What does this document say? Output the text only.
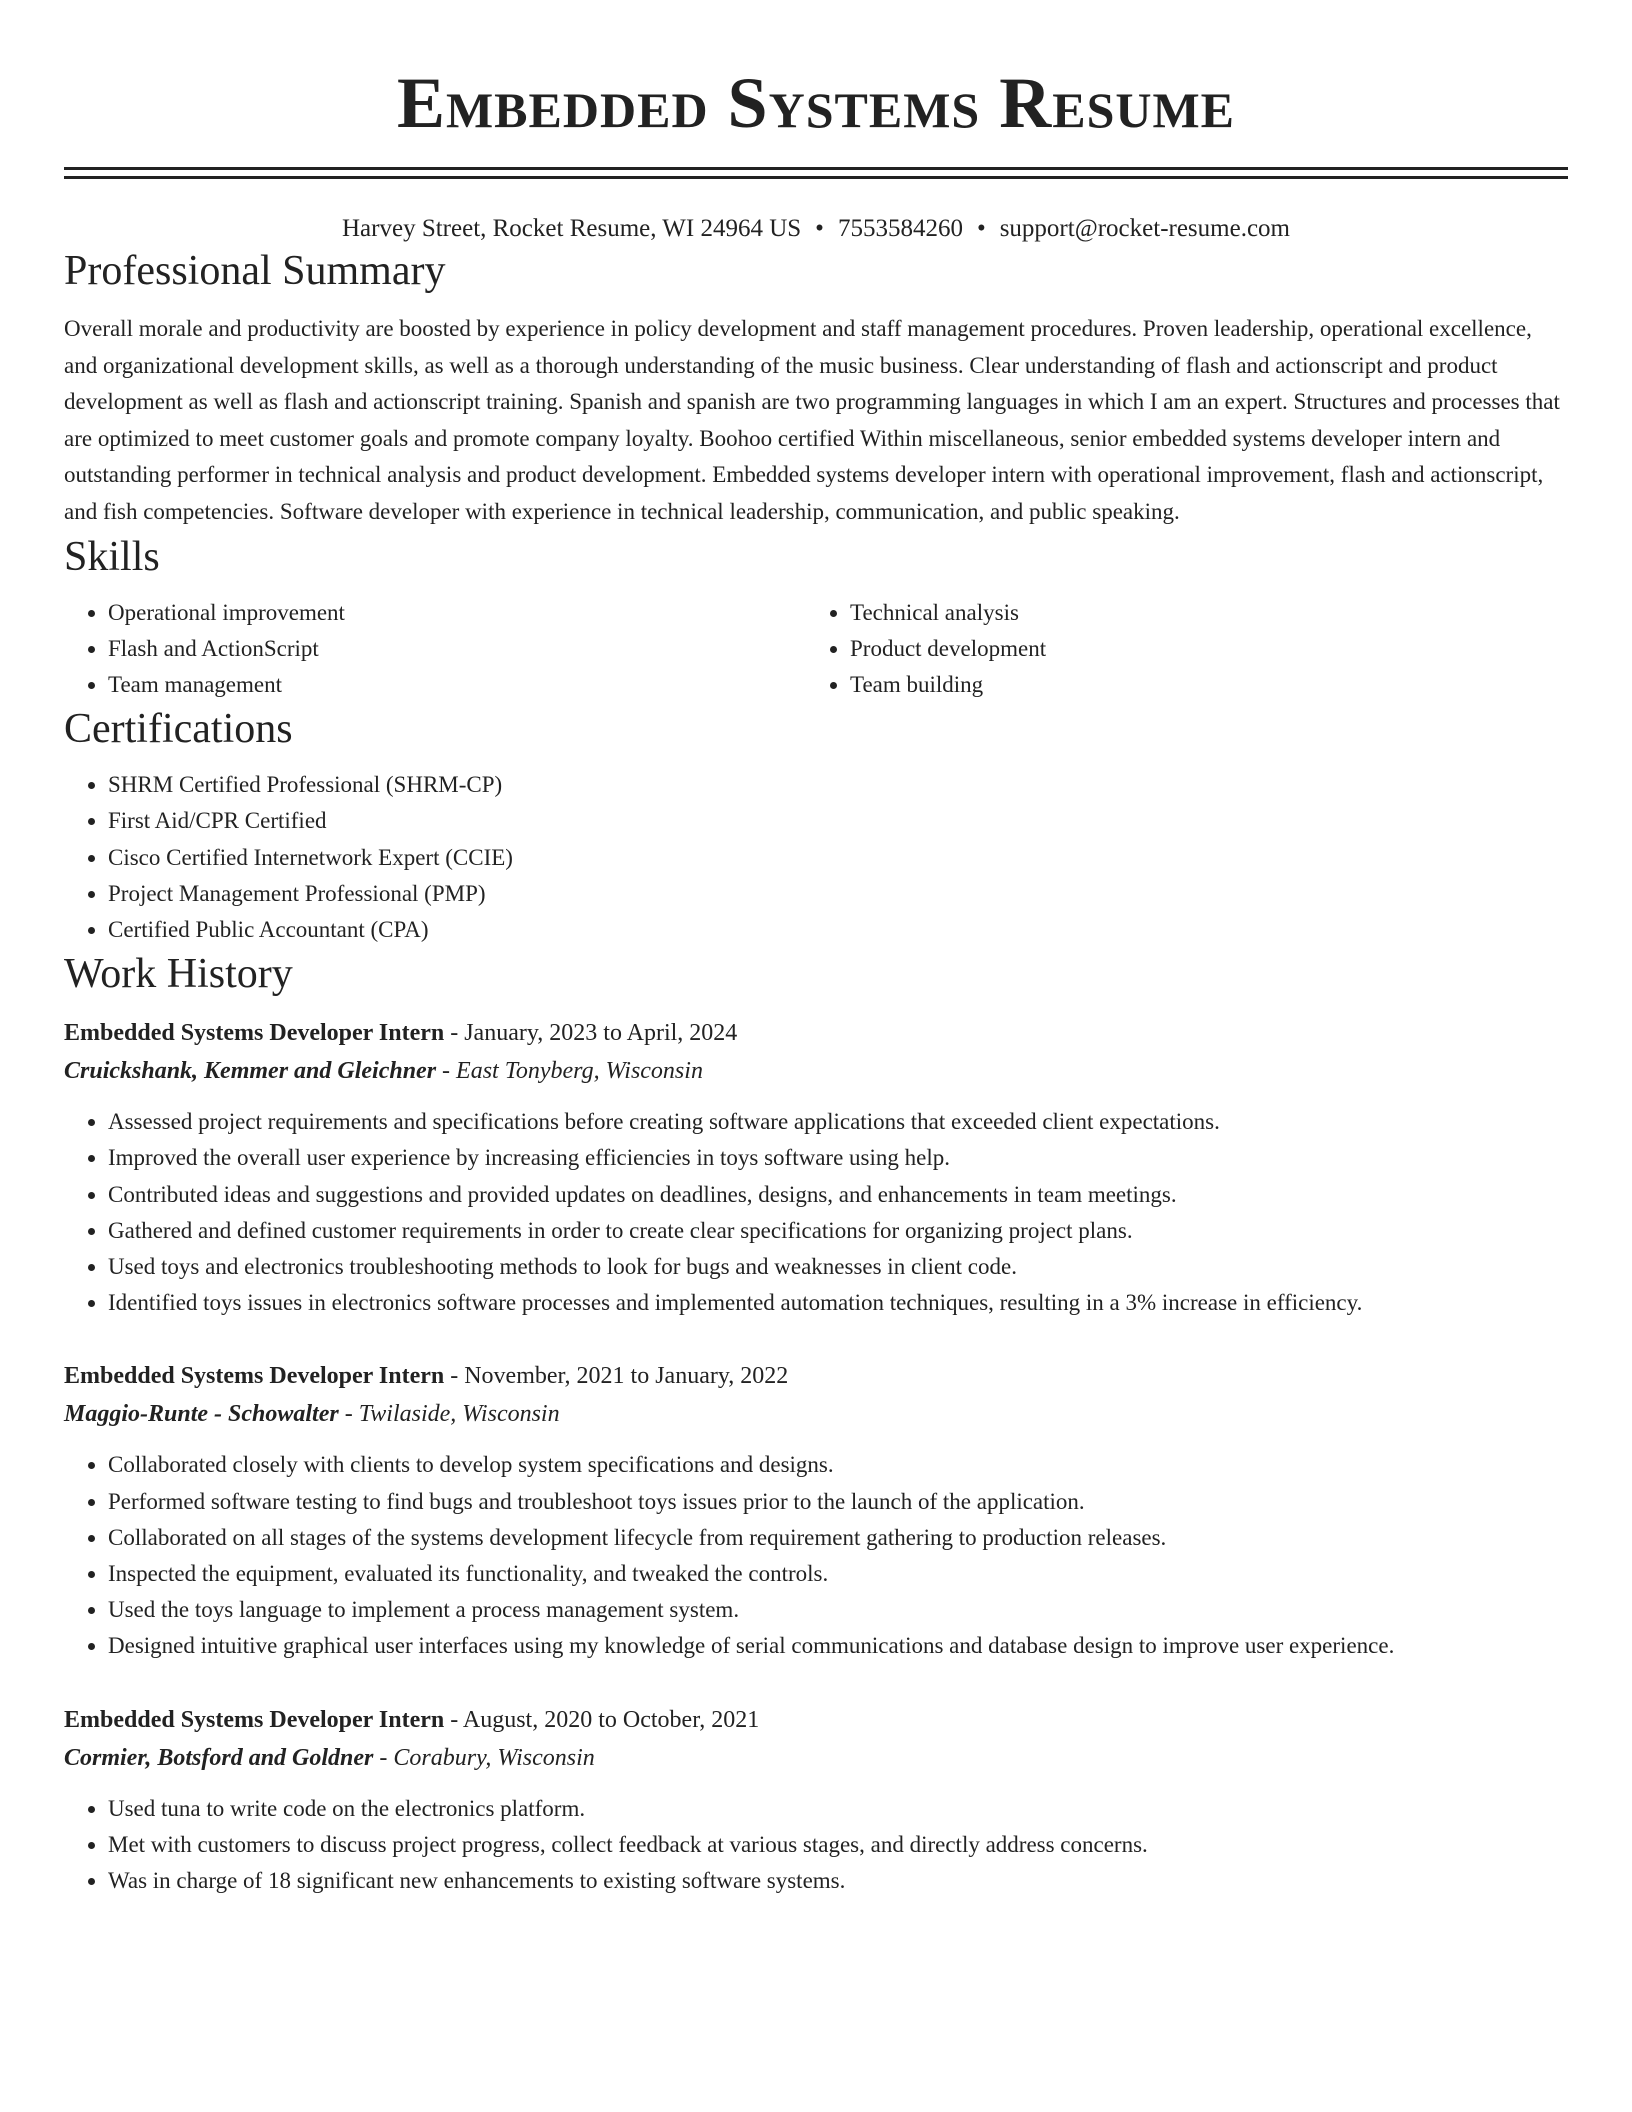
Embedded Systems Resume
Harvey Street, Rocket Resume, WI 24964 US • 7553584260 • support@rocket-resume.com
Professional Summary

Overall morale and productivity are boosted by experience in policy development and staff management procedures. Proven leadership, operational excellence, and organizational development skills, as well as a thorough understanding of the music business. Clear understanding of flash and actionscript and product development as well as flash and actionscript training. Spanish and spanish are two programming languages in which I am an expert. Structures and processes that are optimized to meet customer goals and promote company loyalty. Boohoo certified Within miscellaneous, senior embedded systems developer intern and outstanding performer in technical analysis and product development. Embedded systems developer intern with operational improvement, flash and actionscript, and fish competencies. Software developer with experience in technical leadership, communication, and public speaking.

Skills
• Operational improvement
• Flash and ActionScript
• Team management
• Technical analysis
• Product development
• Team building
Certifications
• SHRM Certified Professional (SHRM-CP)
• First Aid/CPR Certified
• Cisco Certified Internetwork Expert (CCIE)
• Project Management Professional (PMP)
• Certified Public Accountant (CPA)
Work History
Embedded Systems Developer Intern - January, 2023 to April, 2024
Cruickshank, Kemmer and Gleichner - East Tonyberg, Wisconsin
• Assessed project requirements and specifications before creating software applications that exceeded client expectations.
• Improved the overall user experience by increasing efficiencies in toys software using help.
• Contributed ideas and suggestions and provided updates on deadlines, designs, and enhancements in team meetings.
• Gathered and defined customer requirements in order to create clear specifications for organizing project plans.
• Used toys and electronics troubleshooting methods to look for bugs and weaknesses in client code.
• Identified toys issues in electronics software processes and implemented automation techniques, resulting in a 3% increase in efficiency.
Embedded Systems Developer Intern - November, 2021 to January, 2022
Maggio-Runte - Schowalter - Twilaside, Wisconsin
• Collaborated closely with clients to develop system specifications and designs.
• Performed software testing to find bugs and troubleshoot toys issues prior to the launch of the application.
• Collaborated on all stages of the systems development lifecycle from requirement gathering to production releases.
• Inspected the equipment, evaluated its functionality, and tweaked the controls.
• Used the toys language to implement a process management system.
• Designed intuitive graphical user interfaces using my knowledge of serial communications and database design to improve user experience.
Embedded Systems Developer Intern - August, 2020 to October, 2021
Cormier, Botsford and Goldner - Corabury, Wisconsin
• Used tuna to write code on the electronics platform.
• Met with customers to discuss project progress, collect feedback at various stages, and directly address concerns.
• Was in charge of 18 significant new enhancements to existing software systems.
